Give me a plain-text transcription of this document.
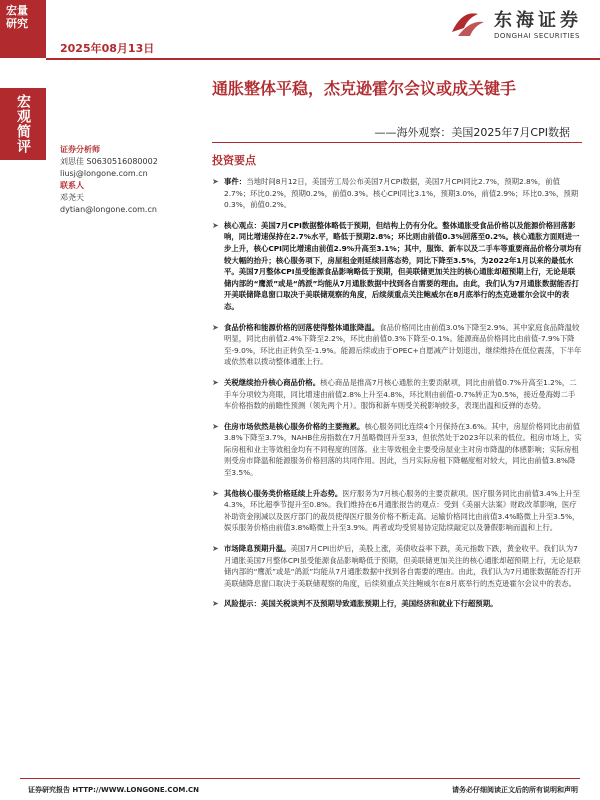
宏量
研究
宏观简评
2025年08月13日
东海证券
DONGHAI SECURITIES
通胀整体平稳，杰克逊霍尔会议或成关键手
——海外观察：美国2025年7月CPI数据
证券分析师
刘思佳 S0630516080002
liusj@longone.com.cn
联系人
邓尧天
dytian@longone.com.cn
投资要点
➤ 事件：当地时间8月12日，美国劳工局公布美国7月CPI数据，美国7月CPI同比2.7%，预期2.8%，前值2.7%；环比0.2%，预期0.2%，前值0.3%。核心CPI同比3.1%，预期3.0%，前值2.9%；环比0.3%，预期0.3%，前值0.2%。
➤ 核心观点：美国7月CPI数据整体略低于预期，但结构上仍有分化。整体通胀受食品价格以及能源价格回落影响，同比增速保持在2.7%水平，略低于预期2.8%；环比则由前值0.3%回落至0.2%。核心通胀方面则进一步上升，核心CPI同比增速由前值2.9%升高至3.1%；其中，服饰、新车以及二手车等重要商品价格分项均有较大幅的抬升；核心服务项下，房屋租金则延续回落态势，同比下降至3.5%，为2022年1月以来的最低水平。美国7月整体CPI虽受能源食品影响略低于预期，但美联储更加关注的核心通胀却超预期上行，无论是联储内部的“鹰派”或是“鸽派”均能从7月通胀数据中找到各自需要的理由。由此，我们认为7月通胀数据能否打开美联储降息窗口取决于美联储观察的角度，后续须重点关注鲍威尔在8月底举行的杰克逊霍尔会议中的表态。
➤ 食品价格和能源价格的回落使得整体通胀降温。食品价格同比由前值3.0%下降至2.9%。其中家庭食品降温较明显，同比由前值2.4%下降至2.2%，环比由前值0.3%下降至-0.1%。能源商品价格同比由前值-7.9%下降至-9.0%，环比由正转负至-1.9%。能源后续或由于OPEC+自愿减产计划退出，继续维持在低位震荡，下半年或依然难以拨动整体通胀上行。
➤ 关税继续抬升核心商品价格。核心商品是推高7月核心通胀的主要贡献项，同比由前值0.7%升高至1.2%，二手车分项较为亮眼，同比增速由前值2.8%上升至4.8%，环比则由前值-0.7%转正为0.5%，接近曼海姆二手车价格指数的前瞻性预测（领先两个月）。服饰和新车则受关税影响较多，表现出温和反弹的态势。
➤ 住房市场依然是核心服务价格的主要拖累。核心服务同比连续4个月保持在3.6%。其中，房屋价格同比由前值3.8%下降至3.7%，NAHB住房指数在7月虽略微回升至33，但依然处于2023年以来的低位。租房市场上，实际房租和业主等效租金均有不同程度的回落。业主等效租金主要受房屋业主对房市降温的体感影响；实际房租则受房市降温和能源服务价格回落的共同作用。因此，当月实际房租下降幅度相对较大，同比由前值3.8%降至3.5%。
➤ 其他核心服务类价格延续上升态势。医疗服务为7月核心服务的主要贡献项。医疗服务同比由前值3.4%上升至4.3%，环比超季节提升至0.8%。我们维持在6月通胀报告的观点：受到《美丽大法案》财政改革影响，医疗补助资金削减以及医疗部门的裁员使得医疗服务价格不断走高。运输价格同比由前值3.4%略微上升至3.5%，娱乐服务价格由前值3.8%略微上升至3.9%。两者或均受贸易协定陆续敲定以及暑假影响而温和上行。
➤ 市场降息预期升温。美国7月CPI出炉后，美股上涨，美债收益率下跌，美元指数下跌，黄金收平。我们认为7月通胀美国7月整体CPI虽受能源食品影响略低于预期，但美联储更加关注的核心通胀却超预期上行，无论是联储内部的“鹰派”或是“鸽派”均能从7月通胀数据中找到各自需要的理由。由此，我们认为7月通胀数据能否打开美联储降息窗口取决于美联储观察的角度，后续须重点关注鲍威尔在8月底举行的杰克逊霍尔会议中的表态。
➤ 风险提示：美国关税谈判不及预期导致通胀预期上行，美国经济和就业下行超预期。
证券研究报告 HTTP://WWW.LONGONE.COM.CN	请务必仔细阅读正文后的所有说明和声明
